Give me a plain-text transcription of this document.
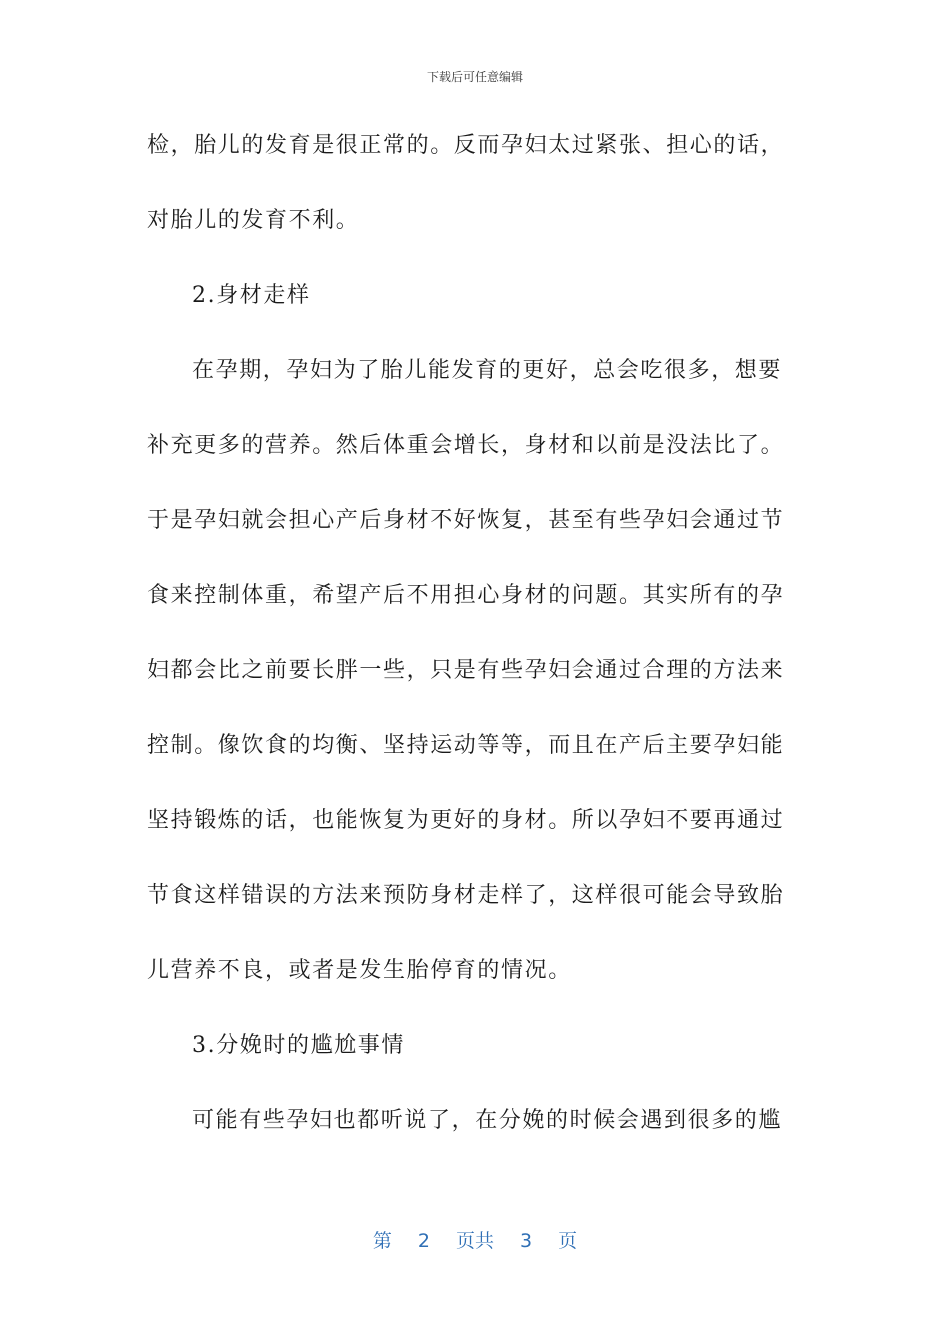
下载后可任意编辑
检，胎儿的发育是很正常的。反而孕妇太过紧张、担心的话，
对胎儿的发育不利。
2.身材走样
在孕期，孕妇为了胎儿能发育的更好，总会吃很多，想要
补充更多的营养。然后体重会增长，身材和以前是没法比了。
于是孕妇就会担心产后身材不好恢复，甚至有些孕妇会通过节
食来控制体重，希望产后不用担心身材的问题。其实所有的孕
妇都会比之前要长胖一些，只是有些孕妇会通过合理的方法来
控制。像饮食的均衡、坚持运动等等，而且在产后主要孕妇能
坚持锻炼的话，也能恢复为更好的身材。所以孕妇不要再通过
节食这样错误的方法来预防身材走样了，这样很可能会导致胎
儿营养不良，或者是发生胎停育的情况。
3.分娩时的尴尬事情
可能有些孕妇也都听说了，在分娩的时候会遇到很多的尴
第 2 页共 3 页
